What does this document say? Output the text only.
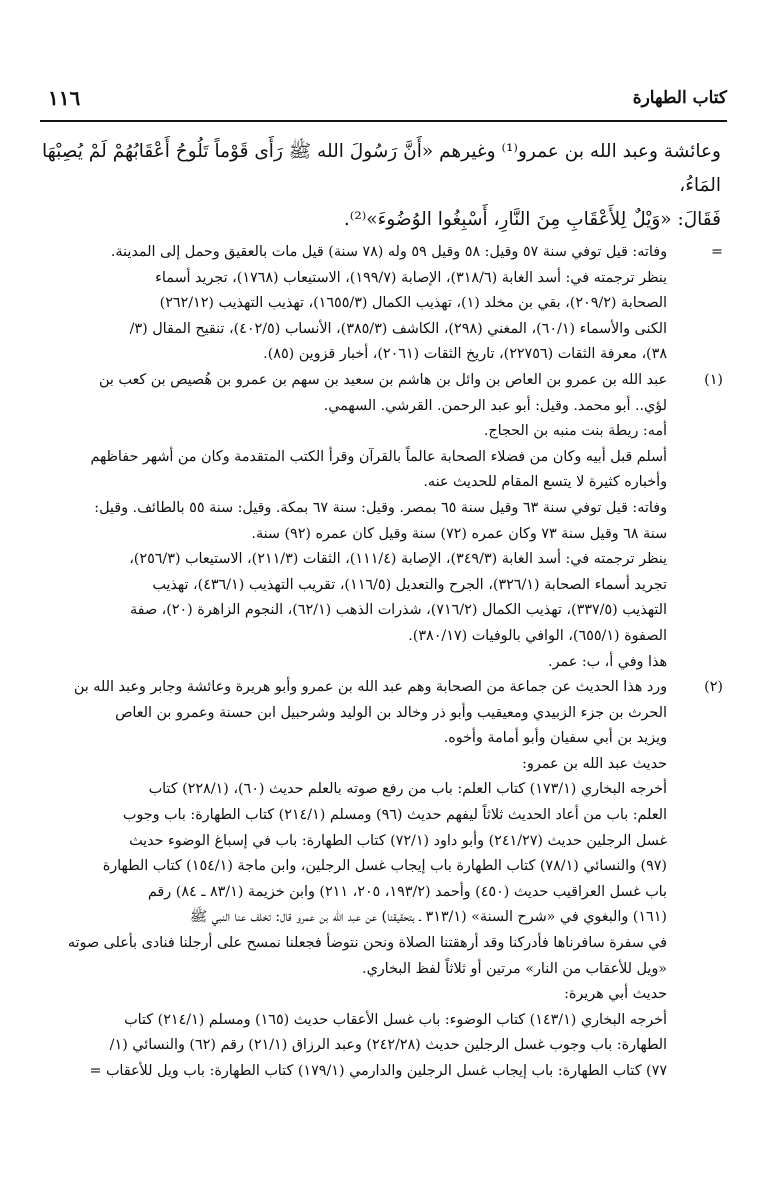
كتاب الطهارة
١١٦
وعائشة وعبد الله بن عمرو⁽¹⁾ وغيرهم «أَنَّ رَسُولَ الله ﷺ رَأَى قَوْماً تَلُوحُ أَعْقَابُهُمْ لَمْ يُصِبْهَا المَاءُ،
فَقَالَ: «وَيْلٌ لِلأَعْقَابِ مِنَ النَّارِ، أَسْبِغُوا الوُضُوءَ»⁽²⁾.
=
وفاته: قيل توفي سنة ٥٧ وقيل: ٥٨ وقيل ٥٩ وله (٧٨ سنة) قيل مات بالعقيق وحمل إلى المدينة.
ينظر ترجمته في: أسد الغابة (٣١٨/٦)، الإصابة (١٩٩/٧)، الاستيعاب (١٧٦٨)، تجريد أسماء
الصحابة (٢٠٩/٢)، بقي بن مخلد (١)، تهذيب الكمال (١٦٥٥/٣)، تهذيب التهذيب (٢٦٢/١٢)
الكنى والأسماء (٦٠/١)، المغني (٢٩٨)، الكاشف (٣٨٥/٣)، الأنساب (٤٠٢/٥)، تنقيح المقال (٣/
٣٨)، معرفة الثقات (٢٢٧٥٦)، تاريخ الثقات (٢٠٦١)، أخبار قزوين (٨٥).
(١)
عبد الله بن عمرو بن العاص بن وائل بن هاشم بن سعيد بن سهم بن عمرو بن هُصيص بن كعب بن
لؤي.. أبو محمد. وقيل: أبو عبد الرحمن. القرشي. السهمي.
أمه: ريطة بنت منبه بن الحجاج.
أسلم قبل أبيه وكان من فضلاء الصحابة عالماً بالقرآن وقرأ الكتب المتقدمة وكان من أشهر حفاظهم
وأخباره كثيرة لا يتسع المقام للحديث عنه.
وفاته: قيل توفي سنة ٦٣ وقيل سنة ٦٥ بمصر. وقيل: سنة ٦٧ بمكة. وقيل: سنة ٥٥ بالطائف. وقيل:
سنة ٦٨ وقيل سنة ٧٣ وكان عمره (٧٢) سنة وقيل كان عمره (٩٢) سنة.
ينظر ترجمته في: أسد الغابة (٣٤٩/٣)، الإصابة (١١١/٤)، الثقات (٢١١/٣)، الاستيعاب (٢٥٦/٣)،
تجريد أسماء الصحابة (٣٢٦/١)، الجرح والتعديل (١١٦/٥)، تقريب التهذيب (٤٣٦/١)، تهذيب
التهذيب (٣٣٧/٥)، تهذيب الكمال (٧١٦/٢)، شذرات الذهب (٦٢/١)، النجوم الزاهرة (٢٠)، صفة
الصفوة (٦٥٥/١)، الوافي بالوفيات (٣٨٠/١٧).
هذا وفي أ، ب: عمر.
(٢)
ورد هذا الحديث عن جماعة من الصحابة وهم عبد الله بن عمرو وأبو هريرة وعائشة وجابر وعبد الله بن
الحرث بن جزء الزبيدي ومعيقيب وأبو ذر وخالد بن الوليد وشرحبيل ابن حسنة وعمرو بن العاص
ويزيد بن أبي سفيان وأبو أمامة وأخوه.
حديث عبد الله بن عمرو:
أخرجه البخاري (١٧٣/١) كتاب العلم: باب من رفع صوته بالعلم حديث (٦٠)، (٢٢٨/١) كتاب
العلم: باب من أعاد الحديث ثلاثاً ليفهم حديث (٩٦) ومسلم (٢١٤/١) كتاب الطهارة: باب وجوب
غسل الرجلين حديث (٢٤١/٢٧) وأبو داود (٧٢/١) كتاب الطهارة: باب في إسباغ الوضوء حديث
(٩٧) والنسائي (٧٨/١) كتاب الطهارة باب إيجاب غسل الرجلين، وابن ماجة (١٥٤/١) كتاب الطهارة
باب غسل العراقيب حديث (٤٥٠) وأحمد (١٩٣/٢، ٢٠٥، ٢١١) وابن خزيمة (٨٣/١ ـ ٨٤) رقم
(١٦١) والبغوي في «شرح السنة» (٣١٣/١ ـ بتحقيقنا) عن عبد الله بن عمرو قال: تخلف عنا النبي ﷺ
في سفرة سافرناها فأدركنا وقد أرهقتنا الصلاة ونحن نتوضأ فجعلنا نمسح على أرجلنا فنادى بأعلى صوته
«ويل للأعقاب من النار» مرتين أو ثلاثاً لفظ البخاري.
حديث أبي هريرة:
أخرجه البخاري (١٤٣/١) كتاب الوضوء: باب غسل الأعقاب حديث (١٦٥) ومسلم (٢١٤/١) كتاب
الطهارة: باب وجوب غسل الرجلين حديث (٢٤٢/٢٨) وعبد الرزاق (٢١/١) رقم (٦٢) والنسائي (١/
٧٧) كتاب الطهارة: باب إيجاب غسل الرجلين والدارمي (١٧٩/١) كتاب الطهارة: باب ويل للأعقاب =
